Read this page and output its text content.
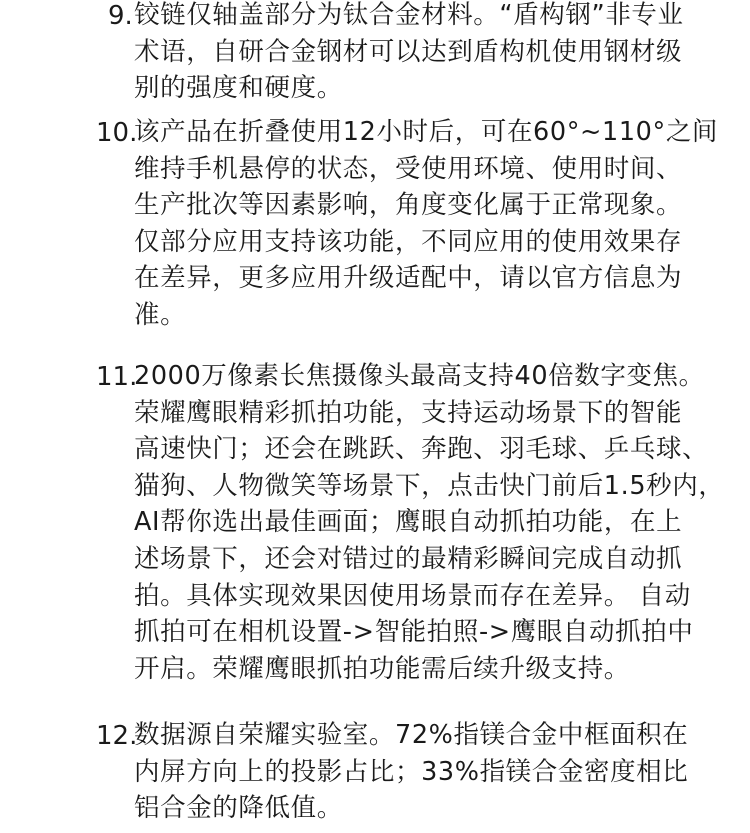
9. 铰链仅轴盖部分为钛合金材料。“盾构钢”非专业
术语，自研合金钢材可以达到盾构机使用钢材级
别的强度和硬度。
10.
该产品在折叠使用12小时后，可在60°~110°之间
维持手机悬停的状态，受使用环境、使用时间、
生产批次等因素影响，角度变化属于正常现象。
仅部分应用支持该功能，不同应用的使用效果存
在差异，更多应用升级适配中，请以官方信息为
准。
11.
2000万像素长焦摄像头最高支持40倍数字变焦。
荣耀鹰眼精彩抓拍功能，支持运动场景下的智能
高速快门；还会在跳跃、奔跑、羽毛球、乒乓球、
猫狗、人物微笑等场景下，点击快门前后1.5秒内，
AI帮你选出最佳画面；鹰眼自动抓拍功能，在上
述场景下，还会对错过的最精彩瞬间完成自动抓
拍。具体实现效果因使用场景而存在差异。 自动
抓拍可在相机设置->智能拍照->鹰眼自动抓拍中
开启。荣耀鹰眼抓拍功能需后续升级支持。
12.
数据源自荣耀实验室。72%指镁合金中框面积在
内屏方向上的投影占比；33%指镁合金密度相比
铝合金的降低值。
